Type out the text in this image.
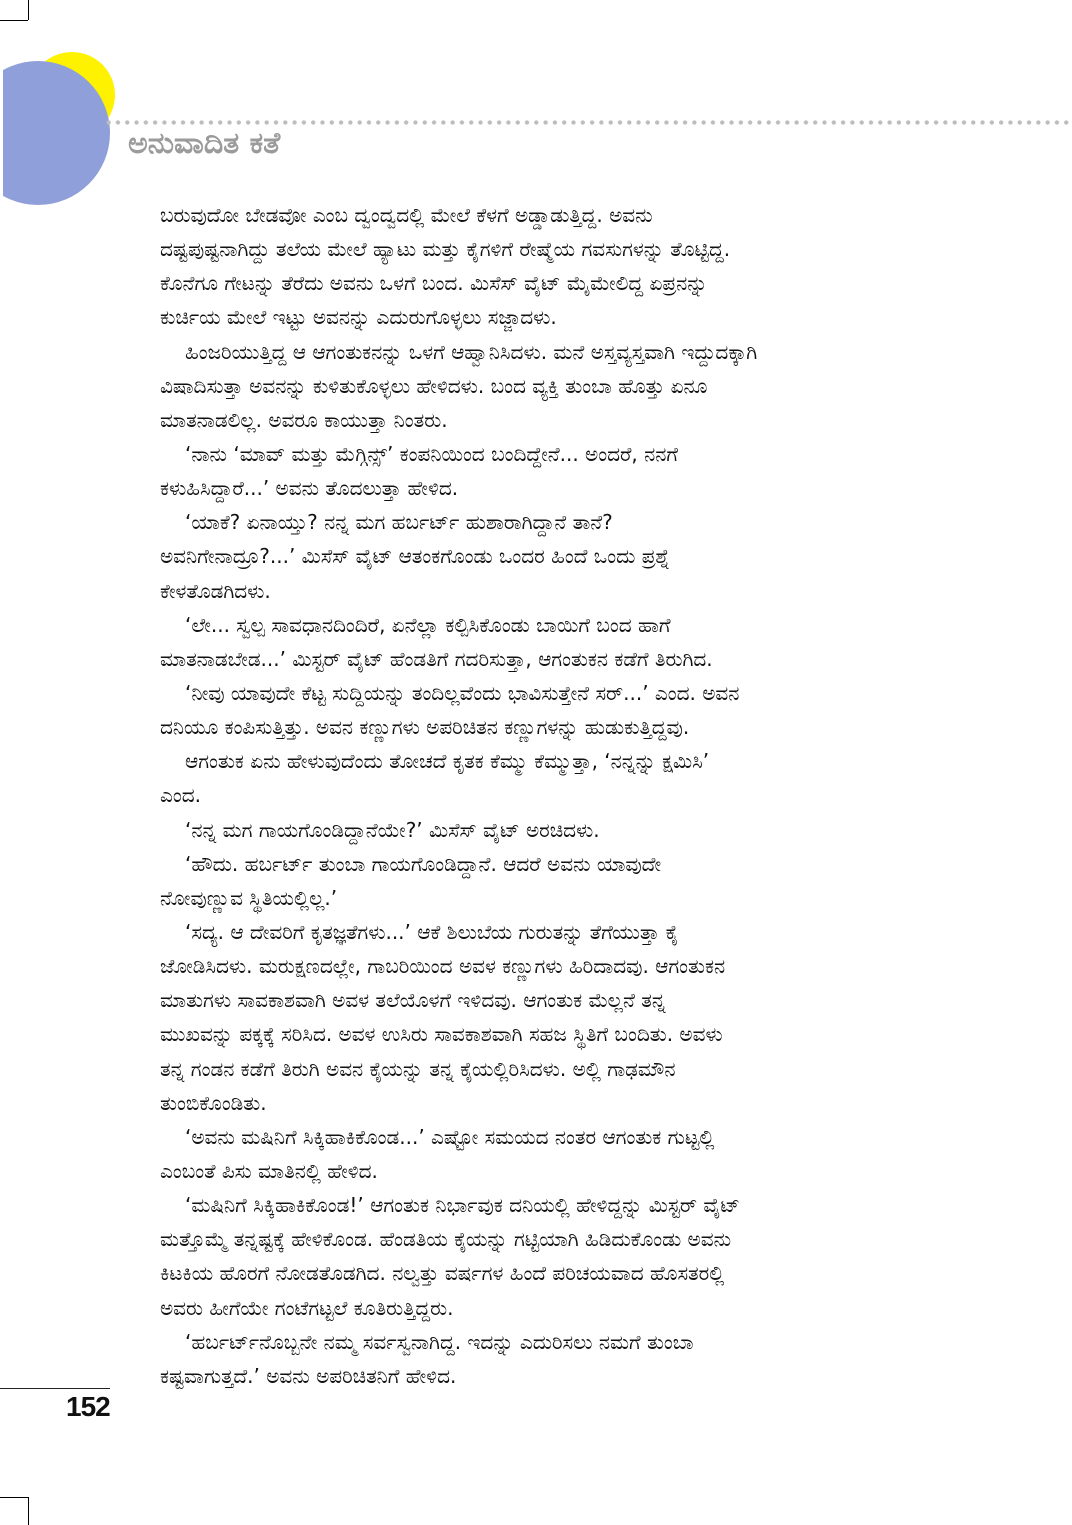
ಅನುವಾದಿತ ಕತೆ
ಬರುವುದೋ ಬೇಡವೋ ಎಂಬ ದ್ವಂದ್ವದಲ್ಲಿ ಮೇಲೆ ಕೆಳಗೆ ಅಡ್ಡಾಡುತ್ತಿದ್ದ. ಅವನು
ದಷ್ಟಪುಷ್ಟನಾಗಿದ್ದು ತಲೆಯ ಮೇಲೆ ಹ್ಯಾಟು ಮತ್ತು ಕೈಗಳಿಗೆ ರೇಷ್ಮೆಯ ಗವಸುಗಳನ್ನು ತೊಟ್ಟಿದ್ದ.
ಕೊನೆಗೂ ಗೇಟನ್ನು ತೆರೆದು ಅವನು ಒಳಗೆ ಬಂದ. ಮಿಸೆಸ್ ವೈಟ್ ಮೈಮೇಲಿದ್ದ ಏಪ್ರನನ್ನು
ಕುರ್ಚಿಯ ಮೇಲೆ ಇಟ್ಟು ಅವನನ್ನು ಎದುರುಗೊಳ್ಳಲು ಸಜ್ಜಾದಳು.
ಹಿಂಜರಿಯುತ್ತಿದ್ದ ಆ ಆಗಂತುಕನನ್ನು ಒಳಗೆ ಆಹ್ವಾನಿಸಿದಳು. ಮನೆ ಅಸ್ತವ್ಯಸ್ತವಾಗಿ ಇದ್ದುದಕ್ಕಾಗಿ
ವಿಷಾದಿಸುತ್ತಾ ಅವನನ್ನು ಕುಳಿತುಕೊಳ್ಳಲು ಹೇಳಿದಳು. ಬಂದ ವ್ಯಕ್ತಿ ತುಂಬಾ ಹೊತ್ತು ಏನೂ
ಮಾತನಾಡಲಿಲ್ಲ. ಅವರೂ ಕಾಯುತ್ತಾ ನಿಂತರು.
‘ನಾನು ‘ಮಾವ್ ಮತ್ತು ಮೆಗ್ಗಿನ್ಸ್’ ಕಂಪನಿಯಿಂದ ಬಂದಿದ್ದೇನೆ... ಅಂದರೆ, ನನಗೆ
ಕಳುಹಿಸಿದ್ದಾರೆ...’ ಅವನು ತೊದಲುತ್ತಾ ಹೇಳಿದ.
‘ಯಾಕೆ? ಏನಾಯ್ತು? ನನ್ನ ಮಗ ಹರ್ಬರ್ಟ್ ಹುಶಾರಾಗಿದ್ದಾನೆ ತಾನೆ?
ಅವನಿಗೇನಾದ್ರೂ?...’ ಮಿಸೆಸ್ ವೈಟ್ ಆತಂಕಗೊಂಡು ಒಂದರ ಹಿಂದೆ ಒಂದು ಪ್ರಶ್ನೆ
ಕೇಳತೊಡಗಿದಳು.
‘ಲೇ... ಸ್ವಲ್ಪ ಸಾವಧಾನದಿಂದಿರೆ, ಏನೆಲ್ಲಾ ಕಲ್ಪಿಸಿಕೊಂಡು ಬಾಯಿಗೆ ಬಂದ ಹಾಗೆ
ಮಾತನಾಡಬೇಡ...’ ಮಿಸ್ಟರ್ ವೈಟ್ ಹೆಂಡತಿಗೆ ಗದರಿಸುತ್ತಾ, ಆಗಂತುಕನ ಕಡೆಗೆ ತಿರುಗಿದ.
‘ನೀವು ಯಾವುದೇ ಕೆಟ್ಟ ಸುದ್ದಿಯನ್ನು ತಂದಿಲ್ಲವೆಂದು ಭಾವಿಸುತ್ತೇನೆ ಸರ್...’ ಎಂದ. ಅವನ
ದನಿಯೂ ಕಂಪಿಸುತ್ತಿತ್ತು. ಅವನ ಕಣ್ಣುಗಳು ಅಪರಿಚಿತನ ಕಣ್ಣುಗಳನ್ನು ಹುಡುಕುತ್ತಿದ್ದವು.
ಆಗಂತುಕ ಏನು ಹೇಳುವುದೆಂದು ತೋಚದೆ ಕೃತಕ ಕೆಮ್ಮು ಕೆಮ್ಮುತ್ತಾ, ‘ನನ್ನನ್ನು ಕ್ಷಮಿಸಿ’
ಎಂದ.
‘ನನ್ನ ಮಗ ಗಾಯಗೊಂಡಿದ್ದಾನೆಯೇ?’ ಮಿಸೆಸ್ ವೈಟ್ ಅರಚಿದಳು.
‘ಹೌದು. ಹರ್ಬರ್ಟ್ ತುಂಬಾ ಗಾಯಗೊಂಡಿದ್ದಾನೆ. ಆದರೆ ಅವನು ಯಾವುದೇ
ನೋವುಣ್ಣುವ ಸ್ಥಿತಿಯಲ್ಲಿಲ್ಲ.’
‘ಸದ್ಯ. ಆ ದೇವರಿಗೆ ಕೃತಜ್ಞತೆಗಳು...’ ಆಕೆ ಶಿಲುಬೆಯ ಗುರುತನ್ನು ತೆಗೆಯುತ್ತಾ ಕೈ
ಜೋಡಿಸಿದಳು. ಮರುಕ್ಷಣದಲ್ಲೇ, ಗಾಬರಿಯಿಂದ ಅವಳ ಕಣ್ಣುಗಳು ಹಿರಿದಾದವು. ಆಗಂತುಕನ
ಮಾತುಗಳು ಸಾವಕಾಶವಾಗಿ ಅವಳ ತಲೆಯೊಳಗೆ ಇಳಿದವು. ಆಗಂತುಕ ಮೆಲ್ಲನೆ ತನ್ನ
ಮುಖವನ್ನು ಪಕ್ಕಕ್ಕೆ ಸರಿಸಿದ. ಅವಳ ಉಸಿರು ಸಾವಕಾಶವಾಗಿ ಸಹಜ ಸ್ಥಿತಿಗೆ ಬಂದಿತು. ಅವಳು
ತನ್ನ ಗಂಡನ ಕಡೆಗೆ ತಿರುಗಿ ಅವನ ಕೈಯನ್ನು ತನ್ನ ಕೈಯಲ್ಲಿರಿಸಿದಳು. ಅಲ್ಲಿ ಗಾಢಮೌನ
ತುಂಬಿಕೊಂಡಿತು.
‘ಅವನು ಮಷಿನಿಗೆ ಸಿಕ್ಕಿಹಾಕಿಕೊಂಡ...’ ಎಷ್ಟೋ ಸಮಯದ ನಂತರ ಆಗಂತುಕ ಗುಟ್ಟಲ್ಲಿ
ಎಂಬಂತೆ ಪಿಸು ಮಾತಿನಲ್ಲಿ ಹೇಳಿದ.
‘ಮಷಿನಿಗೆ ಸಿಕ್ಕಿಹಾಕಿಕೊಂಡ!’ ಆಗಂತುಕ ನಿರ್ಭಾವುಕ ದನಿಯಲ್ಲಿ ಹೇಳಿದ್ದನ್ನು ಮಿಸ್ಟರ್ ವೈಟ್
ಮತ್ತೊಮ್ಮೆ ತನ್ನಷ್ಟಕ್ಕೆ ಹೇಳಿಕೊಂಡ. ಹೆಂಡತಿಯ ಕೈಯನ್ನು ಗಟ್ಟಿಯಾಗಿ ಹಿಡಿದುಕೊಂಡು ಅವನು
ಕಿಟಕಿಯ ಹೊರಗೆ ನೋಡತೊಡಗಿದ. ನಲ್ವತ್ತು ವರ್ಷಗಳ ಹಿಂದೆ ಪರಿಚಯವಾದ ಹೊಸತರಲ್ಲಿ
ಅವರು ಹೀಗೆಯೇ ಗಂಟೆಗಟ್ಟಲೆ ಕೂತಿರುತ್ತಿದ್ದರು.
‘ಹರ್ಬರ್ಟ್‌ನೊಬ್ಬನೇ ನಮ್ಮ ಸರ್ವಸ್ವನಾಗಿದ್ದ. ಇದನ್ನು ಎದುರಿಸಲು ನಮಗೆ ತುಂಬಾ
ಕಷ್ಟವಾಗುತ್ತದೆ.’ ಅವನು ಅಪರಿಚಿತನಿಗೆ ಹೇಳಿದ.
152
